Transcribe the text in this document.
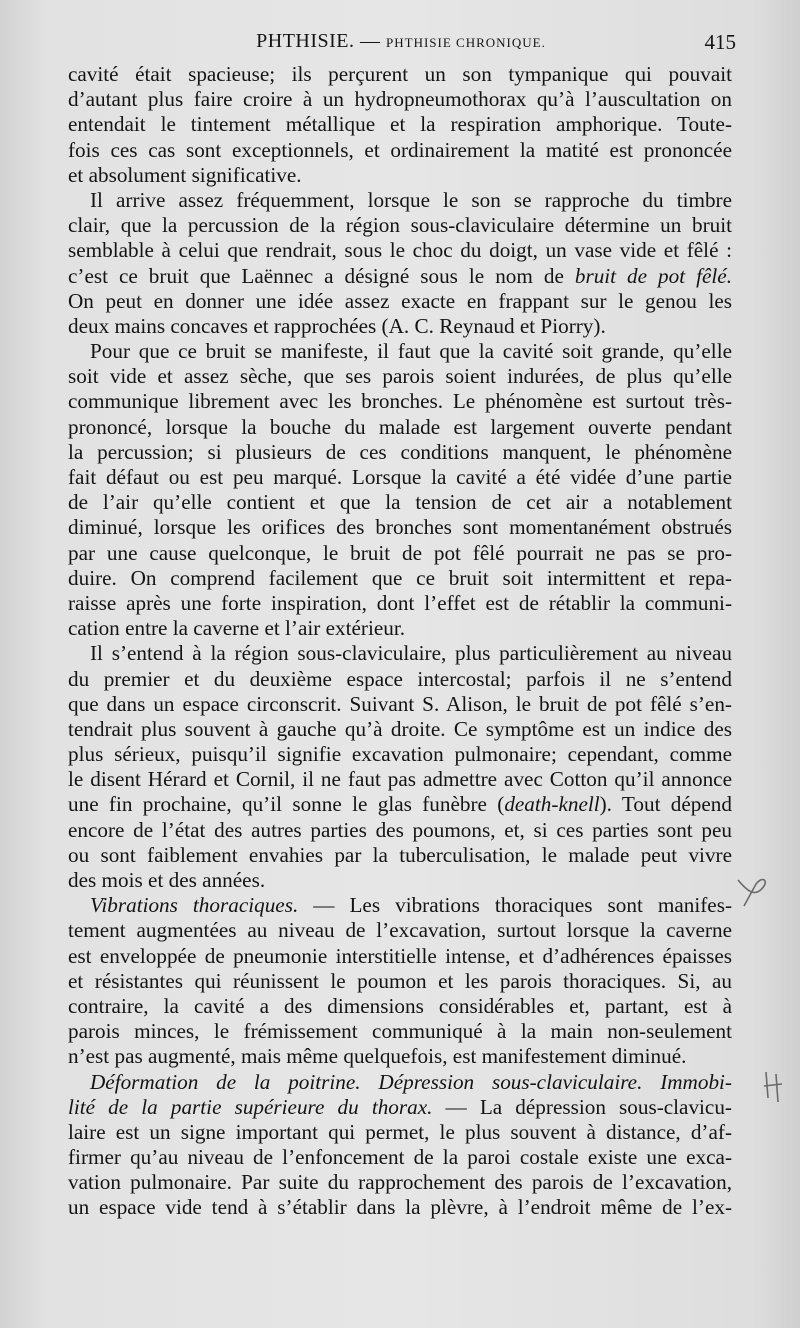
PHTHISIE. — PHTHISIE CHRONIQUE.	415
cavité était spacieuse; ils perçurent un son tympanique qui pouvait
d’autant plus faire croire à un hydropneumothorax qu’à l’auscultation on
entendait le tintement métallique et la respiration amphorique. Toute-
fois ces cas sont exceptionnels, et ordinairement la matité est prononcée
et absolument significative.
Il arrive assez fréquemment, lorsque le son se rapproche du timbre
clair, que la percussion de la région sous-claviculaire détermine un bruit
semblable à celui que rendrait, sous le choc du doigt, un vase vide et fêlé :
c’est ce bruit que Laënnec a désigné sous le nom de bruit de pot fêlé.
On peut en donner une idée assez exacte en frappant sur le genou les
deux mains concaves et rapprochées (A. C. Reynaud et Piorry).
Pour que ce bruit se manifeste, il faut que la cavité soit grande, qu’elle
soit vide et assez sèche, que ses parois soient indurées, de plus qu’elle
communique librement avec les bronches. Le phénomène est surtout très-
prononcé, lorsque la bouche du malade est largement ouverte pendant
la percussion; si plusieurs de ces conditions manquent, le phénomène
fait défaut ou est peu marqué. Lorsque la cavité a été vidée d’une partie
de l’air qu’elle contient et que la tension de cet air a notablement
diminué, lorsque les orifices des bronches sont momentanément obstrués
par une cause quelconque, le bruit de pot fêlé pourrait ne pas se pro-
duire. On comprend facilement que ce bruit soit intermittent et repa-
raisse après une forte inspiration, dont l’effet est de rétablir la communi-
cation entre la caverne et l’air extérieur.
Il s’entend à la région sous-claviculaire, plus particulièrement au niveau
du premier et du deuxième espace intercostal; parfois il ne s’entend
que dans un espace circonscrit. Suivant S. Alison, le bruit de pot fêlé s’en-
tendrait plus souvent à gauche qu’à droite. Ce symptôme est un indice des
plus sérieux, puisqu’il signifie excavation pulmonaire; cependant, comme
le disent Hérard et Cornil, il ne faut pas admettre avec Cotton qu’il annonce
une fin prochaine, qu’il sonne le glas funèbre (death-knell). Tout dépend
encore de l’état des autres parties des poumons, et, si ces parties sont peu
ou sont faiblement envahies par la tuberculisation, le malade peut vivre
des mois et des années.
Vibrations thoraciques. — Les vibrations thoraciques sont manifes-
tement augmentées au niveau de l’excavation, surtout lorsque la caverne
est enveloppée de pneumonie interstitielle intense, et d’adhérences épaisses
et résistantes qui réunissent le poumon et les parois thoraciques. Si, au
contraire, la cavité a des dimensions considérables et, partant, est à
parois minces, le frémissement communiqué à la main non-seulement
n’est pas augmenté, mais même quelquefois, est manifestement diminué.
Déformation de la poitrine. Dépression sous-claviculaire. Immobi-
lité de la partie supérieure du thorax. — La dépression sous-clavicu-
laire est un signe important qui permet, le plus souvent à distance, d’af-
firmer qu’au niveau de l’enfoncement de la paroi costale existe une exca-
vation pulmonaire. Par suite du rapprochement des parois de l’excavation,
un espace vide tend à s’établir dans la plèvre, à l’endroit même de l’ex-
